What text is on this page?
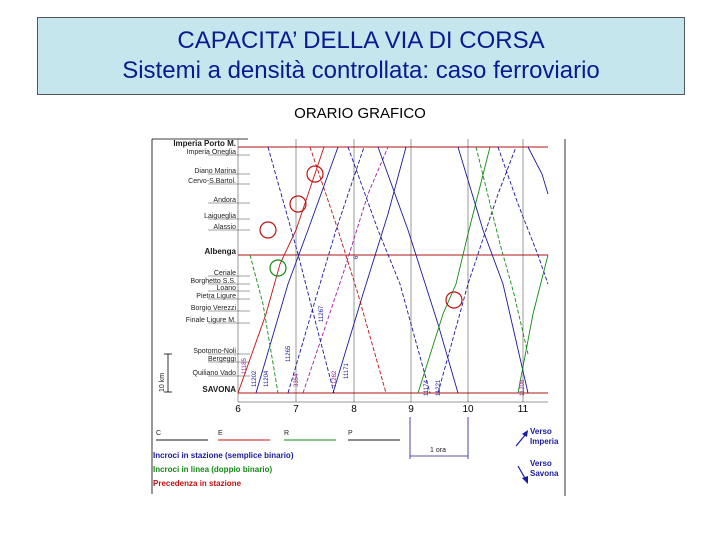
CAPACITA’ DELLA VIA DI CORSA
Sistemi a densità controllata: caso ferroviario
ORARIO GRAFICO
Imperia Porto M.
Imperia Oneglia
Diano Marina
Cervo-S.Bartol.
Andora
Laigueglia
Alassio
Albenga
Ceriale
Borghetto S.S.
Loano
Pietra Ligure
Borgio Verezzi
Finale Ligure M.
Spotorno-Noli
Bergeggi
Quiliano Vado
SAVONA
10 km
6	7	8	9	10	11
11185
11202 11204	3354
11267
11265
11262
11174 11221	11208
11171
6
C	E	R	P
1 ora
Incroci in stazione (semplice binario)
Incroci in linea (doppio binario)
Precedenza in stazione
Verso
Imperia
Verso
Savona
